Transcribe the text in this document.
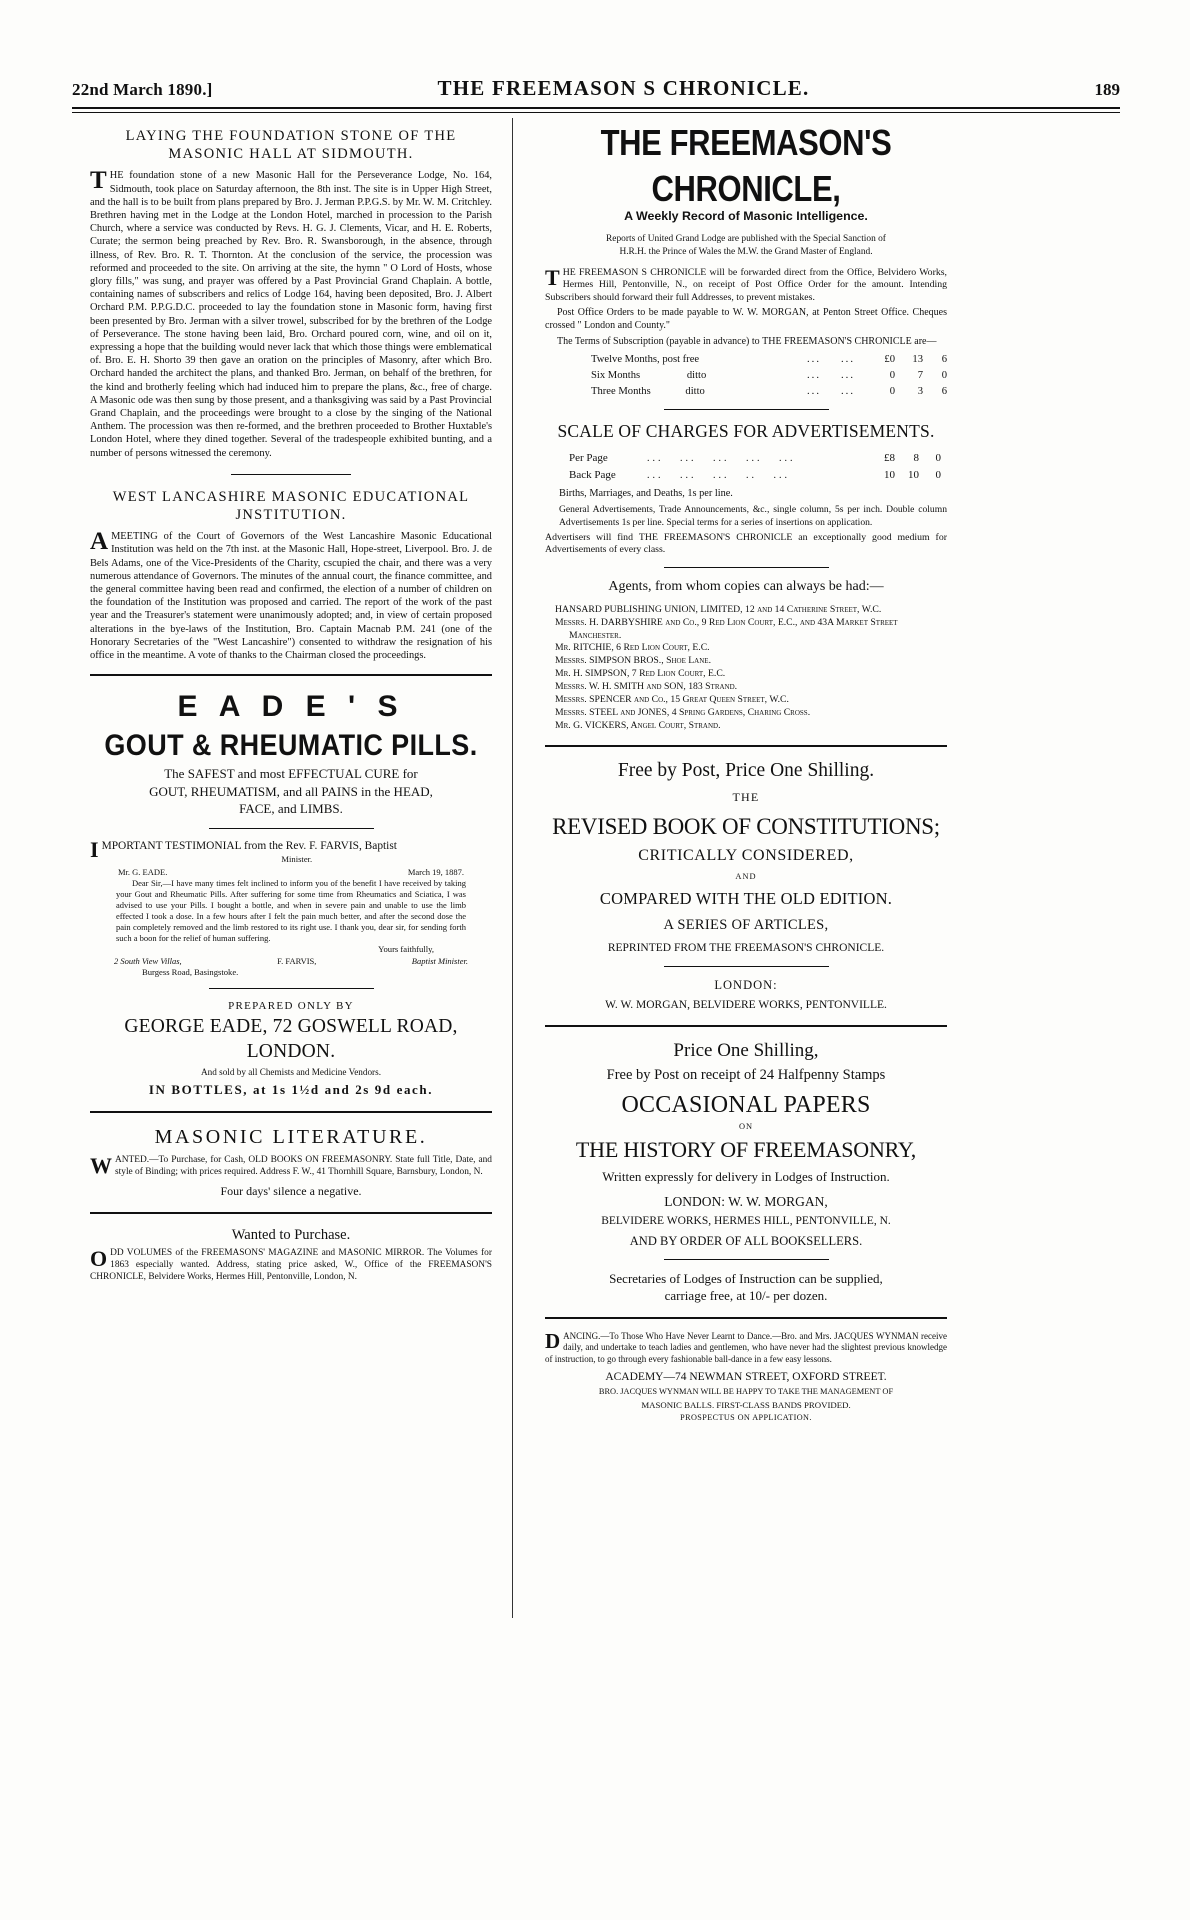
22nd March 1890.]	THE FREEMASON S CHRONICLE.	189
LAYING THE FOUNDATION STONE OF THE
MASONIC HALL AT SIDMOUTH.

THE foundation stone of a new Masonic Hall for the Perseverance Lodge, No. 164, Sidmouth, took place on Saturday afternoon, the 8th inst. The site is in Upper High Street, and the hall is to be built from plans prepared by Bro. J. Jerman P.P.G.S. by Mr. W. M. Critchley. Brethren having met in the Lodge at the London Hotel, marched in procession to the Parish Church, where a service was conducted by Revs. H. G. J. Clements, Vicar, and H. E. Roberts, Curate; the sermon being preached by Rev. Bro. R. Swansborough, in the absence, through illness, of Rev. Bro. R. T. Thornton. At the conclusion of the service, the procession was reformed and proceeded to the site. On arriving at the site, the hymn " O Lord of Hosts, whose glory fills," was sung, and prayer was offered by a Past Provincial Grand Chaplain. A bottle, containing names of subscribers and relics of Lodge 164, having been deposited, Bro. J. Albert Orchard P.M. P.P.G.D.C. proceeded to lay the foundation stone in Masonic form, having first been presented by Bro. Jerman with a silver trowel, subscribed for by the brethren of the Lodge of Perseverance. The stone having been laid, Bro. Orchard poured corn, wine, and oil on it, expressing a hope that the building would never lack that which those things were emblematical of. Bro. E. H. Shorto 39 then gave an oration on the principles of Masonry, after which Bro. Orchard handed the architect the plans, and thanked Bro. Jerman, on behalf of the brethren, for the kind and brotherly feeling which had induced him to prepare the plans, &c., free of charge. A Masonic ode was then sung by those present, and a thanksgiving was said by a Past Provincial Grand Chaplain, and the proceedings were brought to a close by the singing of the National Anthem. The procession was then re-formed, and the brethren proceeded to Brother Huxtable's London Hotel, where they dined together. Several of the tradespeople exhibited bunting, and a number of persons witnessed the ceremony.

WEST LANCASHIRE MASONIC EDUCATIONAL
JNSTITUTION.

AMEETING of the Court of Governors of the West Lancashire Masonic Educational Institution was held on the 7th inst. at the Masonic Hall, Hope-street, Liverpool. Bro. J. de Bels Adams, one of the Vice-Presidents of the Charity, cscupied the chair, and there was a very numerous attendance of Governors. The minutes of the annual court, the finance committee, and the general committee having been read and confirmed, the election of a number of children on the foundation of the Institution was proposed and carried. The report of the work of the past year and the Treasurer's statement were unanimously adopted; and, in view of certain proposed alterations in the bye-laws of the Institution, Bro. Captain Macnab P.M. 241 (one of the Honorary Secretaries of the "West Lancashire") consented to withdraw the resignation of his office in the meantime. A vote of thanks to the Chairman closed the proceedings.

E A D E ' S
GOUT & RHEUMATIC PILLS.
The SAFEST and most EFFECTUAL CURE for
GOUT, RHEUMATISM, and all PAINS in the HEAD,
FACE, and LIMBS.

IMPORTANT TESTIMONIAL from the Rev. F. FARVIS, Baptist

Minister.
Mr. G. EADE.	March 19, 1887.

Dear Sir,—I have many times felt inclined to inform you of the benefit I have received by taking your Gout and Rheumatic Pills. After suffering for some time from Rheumatics and Sciatica, I was advised to use your Pills. I bought a bottle, and when in severe pain and unable to use the limb effected I took a dose. In a few hours after I felt the pain much better, and after the second dose the pain completely removed and the limb restored to its right use. I thank you, dear sir, for sending forth such a boon for the relief of human suffering.

Yours faithfully,
2 South View Villas,	F. FARVIS,	Baptist Minister.
Burgess Road, Basingstoke.
PREPARED ONLY BY
GEORGE EADE, 72 GOSWELL ROAD, LONDON.
And sold by all Chemists and Medicine Vendors.
IN BOTTLES, at 1s 1½d and 2s 9d each.
MASONIC LITERATURE.

WANTED.—To Purchase, for Cash, OLD BOOKS ON FREEMASONRY. State full Title, Date, and style of Binding; with prices required. Address F. W., 41 Thornhill Square, Barnsbury, London, N.

Four days' silence a negative.
Wanted to Purchase.

ODD VOLUMES of the FREEMASONS' MAGAZINE and MASONIC MIRROR. The Volumes for 1863 especially wanted. Address, stating price asked, W., Office of the FREEMASON'S CHRONICLE, Belvidere Works, Hermes Hill, Pentonville, London, N.

THE FREEMASON'S CHRONICLE,
A Weekly Record of Masonic Intelligence.
Reports of United Grand Lodge are published with the Special Sanction of
H.R.H. the Prince of Wales the M.W. the Grand Master of England.

THE FREEMASON S CHRONICLE will be forwarded direct from the Office, Belvidero Works, Hermes Hill, Pentonville, N., on receipt of Post Office Order for the amount. Intending Subscribers should forward their full Addresses, to prevent mistakes.

Post Office Orders to be made payable to W. W. MORGAN, at Penton Street Office. Cheques crossed " London and County."

The Terms of Subscription (payable in advance) to THE FREEMASON'S CHRONICLE are—

Twelve Months, post free	...	...	£0	13	6
Six Months ditto	...	...	0	7	0
Three Months ditto	...	...	0	3	6
SCALE OF CHARGES FOR ADVERTISEMENTS.
Per Page	...   ...   ...   ...   ...	£8	8	0
Back Page	...   ...   ...   ..   ...	10	10	0

Births, Marriages, and Deaths, 1s per line.

General Advertisements, Trade Announcements, &c., single column, 5s per inch. Double column Advertisements 1s per line. Special terms for a series of insertions on application.

Advertisers will find THE FREEMASON'S CHRONICLE an exceptionally good medium for Advertisements of every class.

Agents, from whom copies can always be had:—

HANSARD PUBLISHING UNION, LIMITED, 12 and 14 Catherine Street, W.C.

Messrs. H. DARBYSHIRE and Co., 9 Red Lion Court, E.C., and 43A Market Street Manchester.

Mr. RITCHIE, 6 Red Lion Court, E.C.

Messrs. SIMPSON BROS., Shoe Lane.

Mr. H. SIMPSON, 7 Red Lion Court, E.C.

Messrs. W. H. SMITH and SON, 183 Strand.

Messrs. SPENCER and Co., 15 Great Queen Street, W.C.

Messrs. STEEL and JONES, 4 Spring Gardens, Charing Cross.

Mr. G. VICKERS, Angel Court, Strand.

Free by Post, Price One Shilling.
THE
REVISED BOOK OF CONSTITUTIONS;
CRITICALLY CONSIDERED,
AND
COMPARED WITH THE OLD EDITION.
A SERIES OF ARTICLES,
REPRINTED FROM THE FREEMASON'S CHRONICLE.
LONDON:
W. W. MORGAN, BELVIDERE WORKS, PENTONVILLE.
Price One Shilling,
Free by Post on receipt of 24 Halfpenny Stamps
OCCASIONAL PAPERS
ON
THE HISTORY OF FREEMASONRY,
Written expressly for delivery in Lodges of Instruction.
LONDON: W. W. MORGAN,
BELVIDERE WORKS, HERMES HILL, PENTONVILLE, N.
AND BY ORDER OF ALL BOOKSELLERS.
Secretaries of Lodges of Instruction can be supplied,
carriage free, at 10/- per dozen.

DANCING.—To Those Who Have Never Learnt to Dance.—Bro. and Mrs. JACQUES WYNMAN receive daily, and undertake to teach ladies and gentlemen, who have never had the slightest previous knowledge of instruction, to go through every fashionable ball-dance in a few easy lessons.

ACADEMY—74 NEWMAN STREET, OXFORD STREET.
BRO. JACQUES WYNMAN WILL BE HAPPY TO TAKE THE MANAGEMENT OF
MASONIC BALLS. FIRST-CLASS BANDS PROVIDED.
PROSPECTUS ON APPLICATION.
